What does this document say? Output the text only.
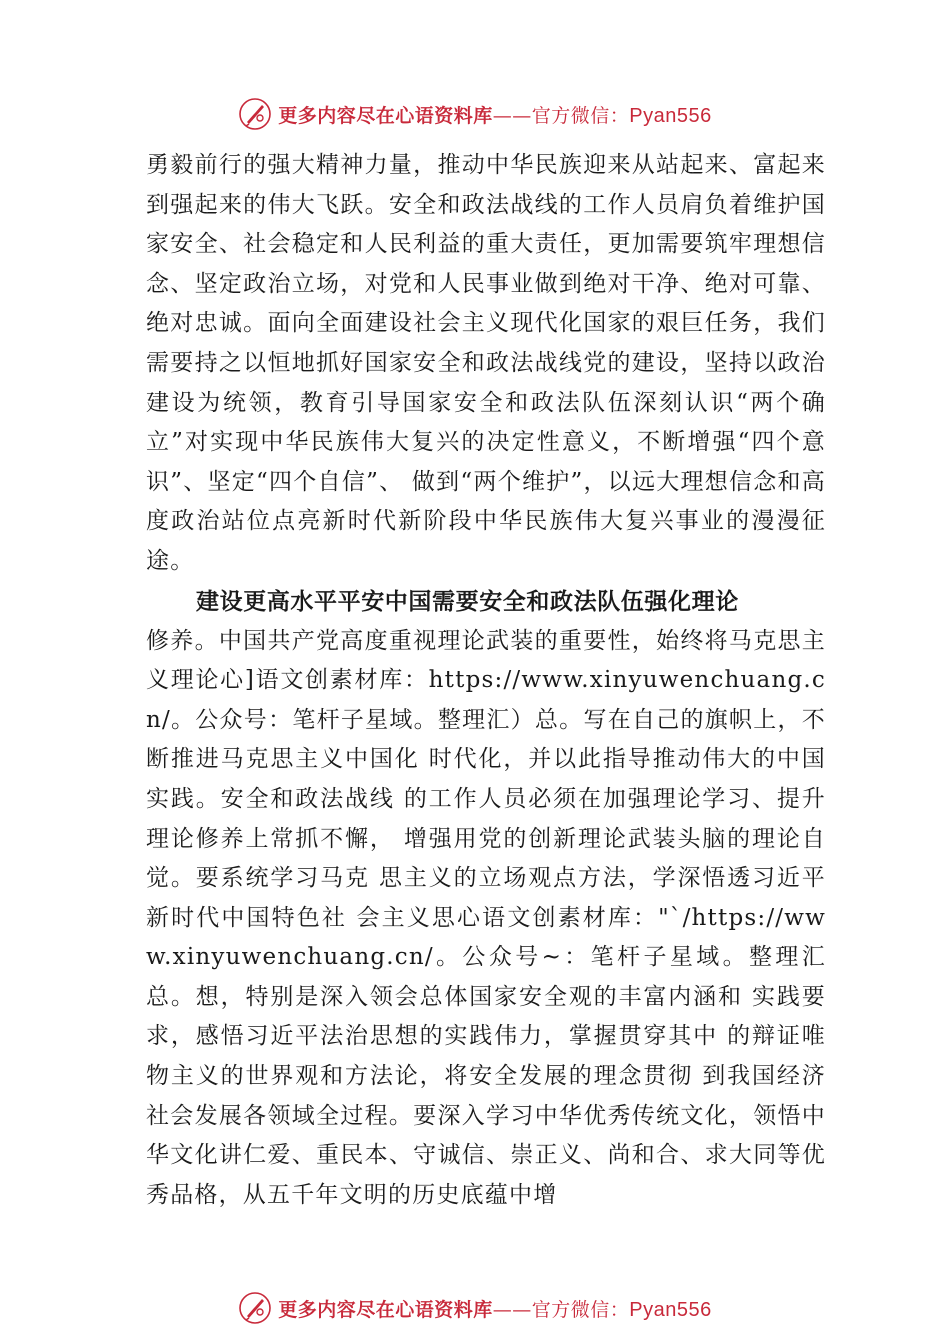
更多内容尽在心语资料库——官方微信：Pyan556

勇毅前行的强大精神力量，推动中华民族迎来从站起来、富起来到强起来的伟大飞跃。安全和政法战线的工作人员肩负着维护国家安全、社会稳定和人民利益的重大责任，更加需要筑牢理想信念、坚定政治立场，对党和人民事业做到绝对干净、绝对可靠、绝对忠诚。面向全面建设社会主义现代化国家的艰巨任务，我们需要持之以恒地抓好国家安全和政法战线党的建设，坚持以政治建设为统领，教育引导国家安全和政法队伍深刻认识“两个确立”对实现中华民族伟大复兴的决定性意义，不断增强“四个意识”、坚定“四个自信”、 做到“两个维护”，以远大理想信念和高度政治站位点亮新时代新阶段中华民族伟大复兴事业的漫漫征途。

建设更高水平平安中国需要安全和政法队伍强化理论

修养。中国共产党高度重视理论武装的重要性，始终将马克思主义理论心]语文创素材库：https://www.xinyuwenchuang.cn/。公众号：笔杆子星域。整理汇）总。写在自己的旗帜上，不断推进马克思主义中国化 时代化，并以此指导推动伟大的中国实践。安全和政法战线 的工作人员必须在加强理论学习、提升理论修养上常抓不懈， 增强用党的创新理论武装头脑的理论自觉。要系统学习马克 思主义的立场观点方法，学深悟透习近平新时代中国特色社 会主义思心语文创素材库："`/https://www.xinyuwenchuang.cn/。公众号~：笔杆子星域。整理汇总。想，特别是深入领会总体国家安全观的丰富内涵和 实践要求，感悟习近平法治思想的实践伟力，掌握贯穿其中 的辩证唯物主义的世界观和方法论，将安全发展的理念贯彻 到我国经济社会发展各领域全过程。要深入学习中华优秀传统文化，领悟中华文化讲仁爱、重民本、守诚信、崇正义、尚和合、求大同等优秀品格，从五千年文明的历史底蕴中增

更多内容尽在心语资料库——官方微信：Pyan556
